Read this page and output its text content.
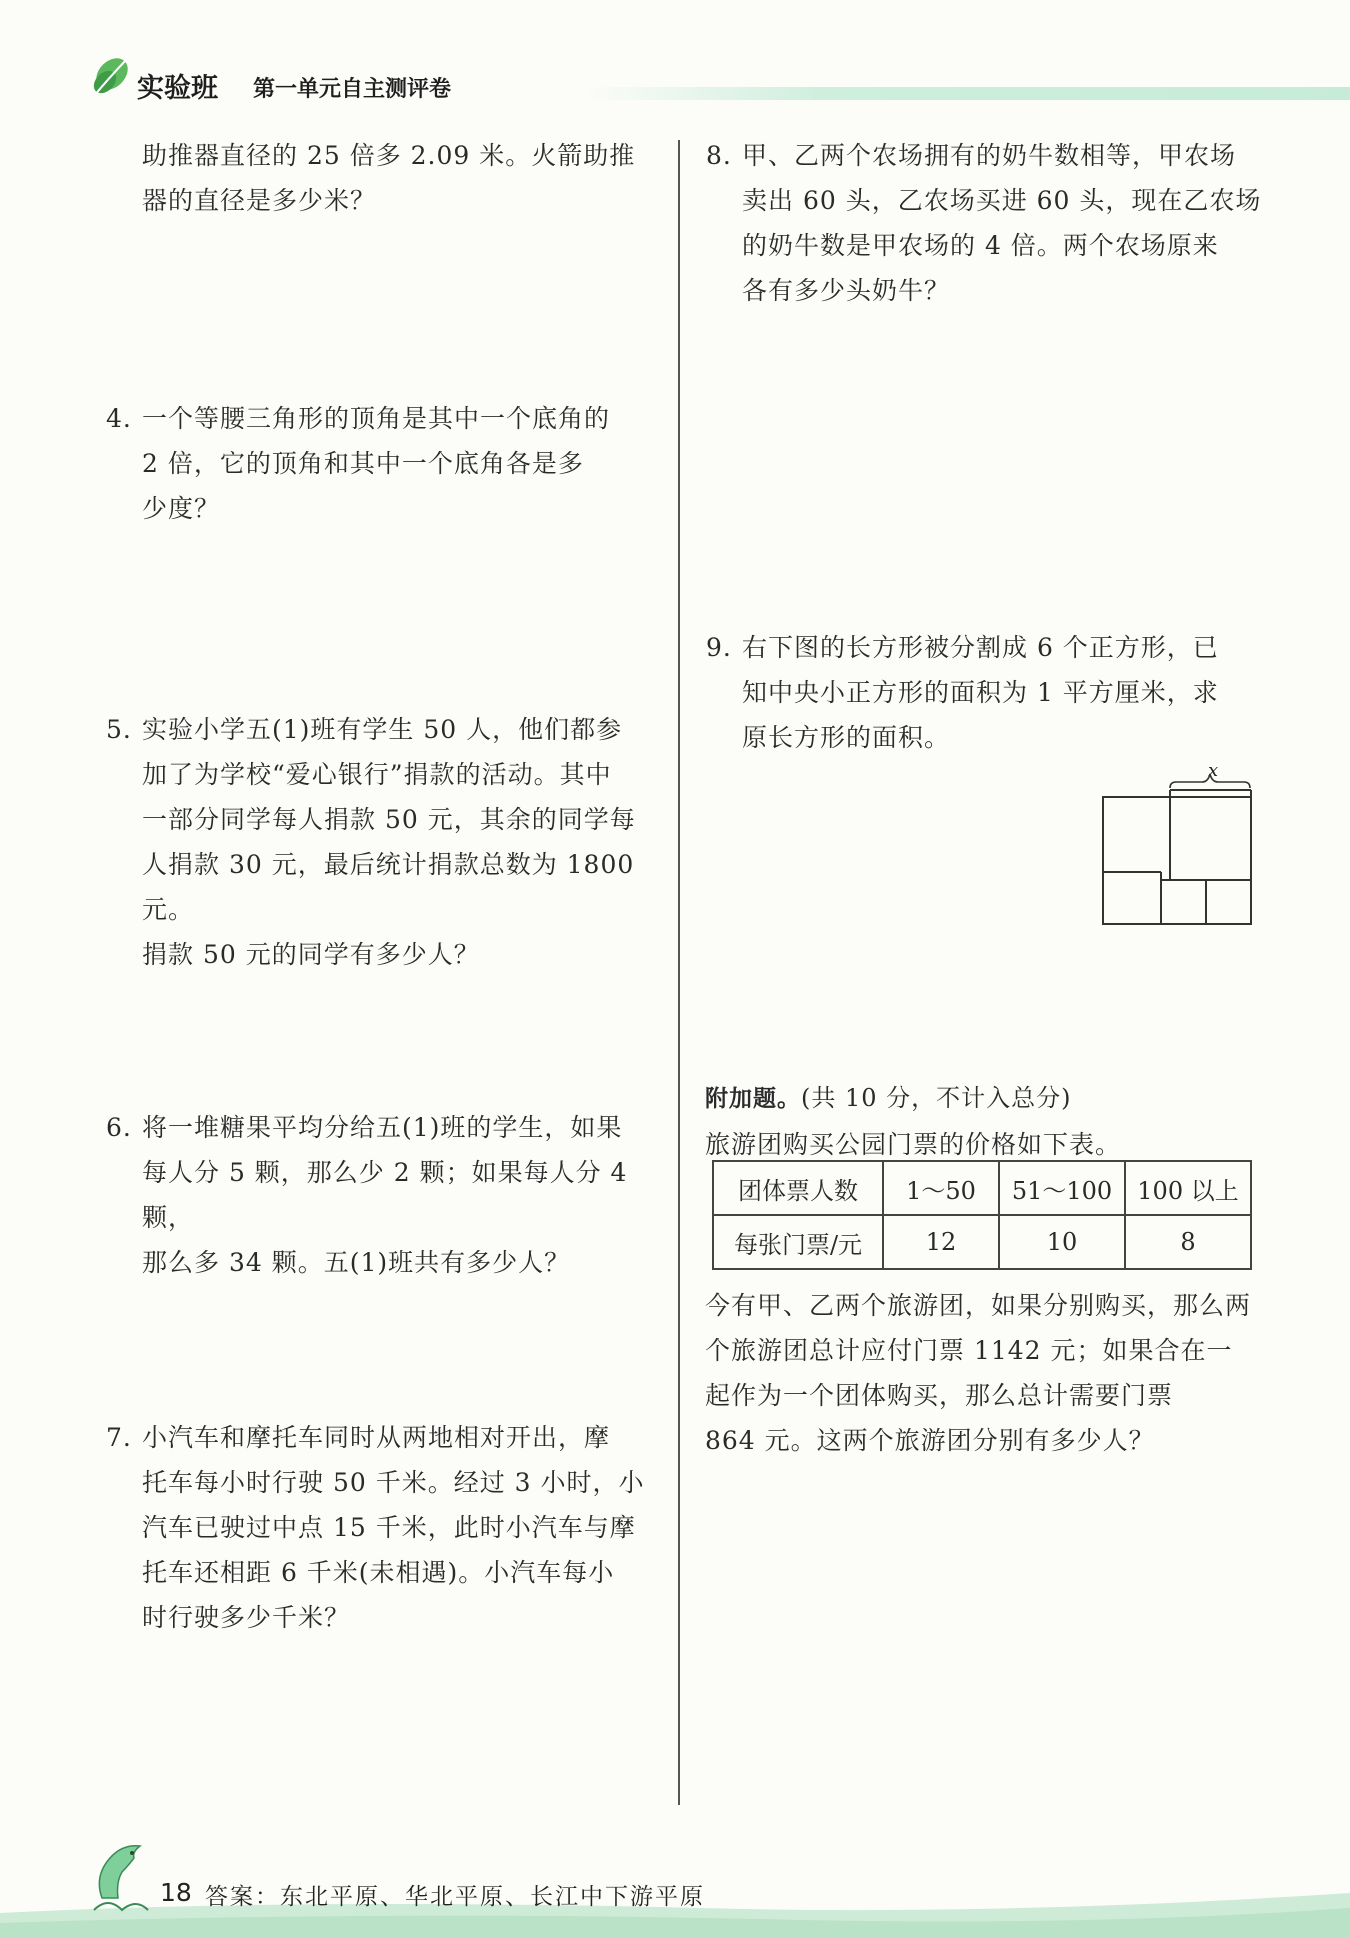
实验班 第一单元自主测评卷

助推器直径的 25 倍多 2.09 米。火箭助推

器的直径是多少米？

4. 一个等腰三角形的顶角是其中一个底角的

2 倍，它的顶角和其中一个底角各是多

少度？

5. 实验小学五(1)班有学生 50 人，他们都参

加了为学校“爱心银行”捐款的活动。其中

一部分同学每人捐款 50 元，其余的同学每

人捐款 30 元，最后统计捐款总数为 1800 元。

捐款 50 元的同学有多少人？

6. 将一堆糖果平均分给五(1)班的学生，如果

每人分 5 颗，那么少 2 颗；如果每人分 4 颗，

那么多 34 颗。五(1)班共有多少人？

7. 小汽车和摩托车同时从两地相对开出，摩

托车每小时行驶 50 千米。经过 3 小时，小

汽车已驶过中点 15 千米，此时小汽车与摩

托车还相距 6 千米(未相遇)。小汽车每小

时行驶多少千米？

8. 甲、乙两个农场拥有的奶牛数相等，甲农场

卖出 60 头，乙农场买进 60 头，现在乙农场

的奶牛数是甲农场的 4 倍。两个农场原来

各有多少头奶牛？

9. 右下图的长方形被分割成 6 个正方形，已

知中央小正方形的面积为 1 平方厘米，求

原长方形的面积。

x
附加题。(共 10 分，不计入总分)
旅游团购买公园门票的价格如下表。
团体票人数	1～50	51～100	100 以上
每张门票/元	12	10	8
今有甲、乙两个旅游团，如果分别购买，那么两
个旅游团总计应付门票 1142 元；如果合在一
起作为一个团体购买，那么总计需要门票
864 元。这两个旅游团分别有多少人？
18 答案：东北平原、华北平原、长江中下游平原
